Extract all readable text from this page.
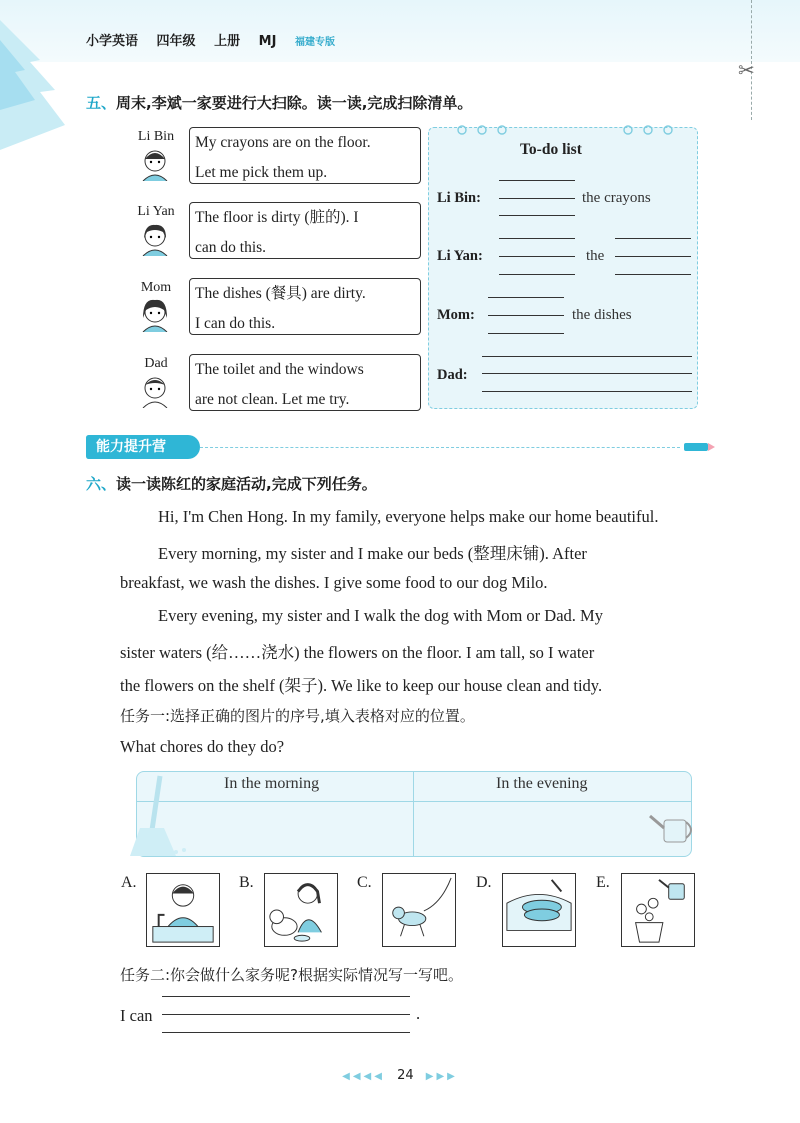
小学英语 四年级 上册 MJ 福建专版
✂
五、周末,李斌一家要进行大扫除。读一读,完成扫除清单。
Li Bin	My crayons are on the floor.
Let me pick them up.
Li Yan	The floor is dirty (脏的). I
can do this.
Mom	The dishes (餐具) are dirty.
I can do this.
Dad	The toilet and the windows
are not clean. Let me try.
To-do list
Li Bin:	the crayons
Li Yan:	the
Mom:	the dishes
Dad:
能力提升营
六、读一读陈红的家庭活动,完成下列任务。
Hi, I'm Chen Hong. In my family, everyone helps make our home beautiful.
Every morning, my sister and I make our beds (整理床铺). After
breakfast, we wash the dishes. I give some food to our dog Milo.
Every evening, my sister and I walk the dog with Mom or Dad. My
sister waters (给……浇水) the flowers on the floor. I am tall, so I water
the flowers on the shelf (架子). We like to keep our house clean and tidy.
任务一:选择正确的图片的序号,填入表格对应的位置。
What chores do they do?
In the morning	In the evening
A.	B.	C.	D.	E.
任务二:你会做什么家务呢?根据实际情况写一写吧。
I can	.
◀◀◀◀ 24 ▶▶▶
